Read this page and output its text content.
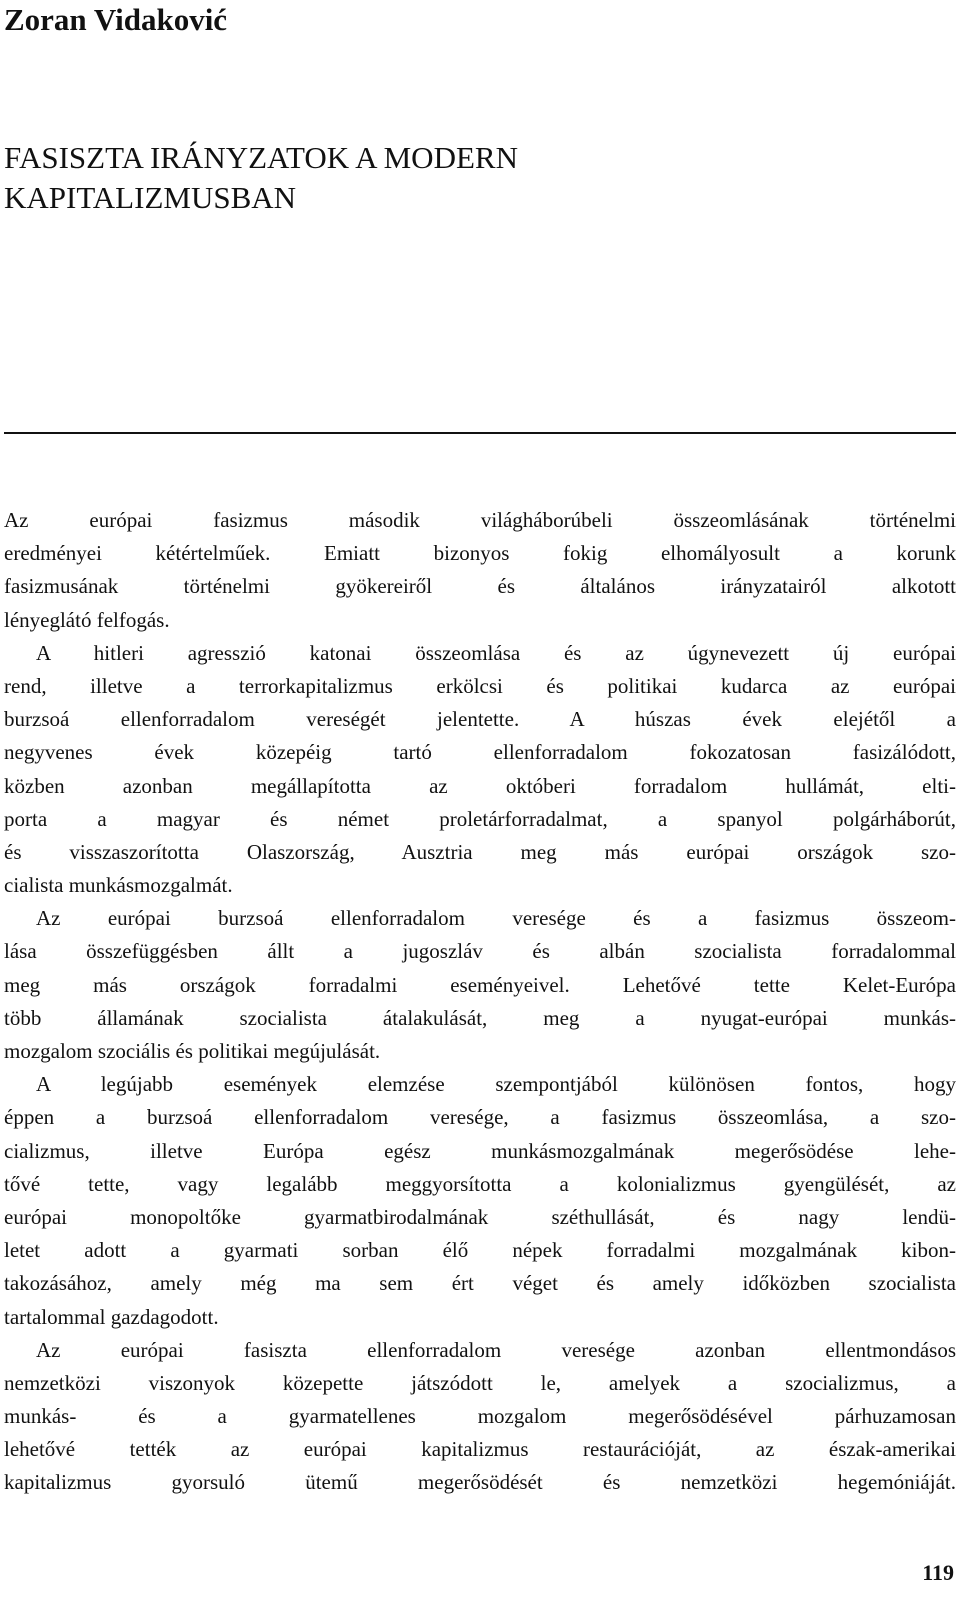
Zoran Vidaković
FASISZTA IRÁNYZATOK A MODERN
KAPITALIZMUSBAN
Az európai fasizmus második világháborúbeli összeomlásának történelmi
eredményei kétértelműek. Emiatt bizonyos fokig elhomályosult a korunk
fasizmusának történelmi gyökereiről és általános irányzatairól alkotott
lényeglátó felfogás.
A hitleri agresszió katonai összeomlása és az úgynevezett új európai
rend, illetve a terrorkapitalizmus erkölcsi és politikai kudarca az európai
burzsoá ellenforradalom vereségét jelentette. A húszas évek elejétől a
negyvenes évek közepéig tartó ellenforradalom fokozatosan fasizálódott,
közben azonban megállapította az októberi forradalom hullámát, elti-
porta a magyar és német proletárforradalmat, a spanyol polgárháborút,
és visszaszorította Olaszország, Ausztria meg más európai országok szo-
cialista munkásmozgalmát.
Az európai burzsoá ellenforradalom veresége és a fasizmus összeom-
lása összefüggésben állt a jugoszláv és albán szocialista forradalommal
meg más országok forradalmi eseményeivel. Lehetővé tette Kelet-Európa
több államának szocialista átalakulását, meg a nyugat-európai munkás-
mozgalom szociális és politikai megújulását.
A legújabb események elemzése szempontjából különösen fontos, hogy
éppen a burzsoá ellenforradalom veresége, a fasizmus összeomlása, a szo-
cializmus, illetve Európa egész munkásmozgalmának megerősödése lehe-
tővé tette, vagy legalább meggyorsította a kolonializmus gyengülését, az
európai monopoltőke gyarmatbirodalmának széthullását, és nagy lendü-
letet adott a gyarmati sorban élő népek forradalmi mozgalmának kibon-
takozásához, amely még ma sem ért véget és amely időközben szocialista
tartalommal gazdagodott.
Az európai fasiszta ellenforradalom veresége azonban ellentmondásos
nemzetközi viszonyok közepette játszódott le, amelyek a szocializmus, a
munkás- és a gyarmatellenes mozgalom megerősödésével párhuzamosan
lehetővé tették az európai kapitalizmus restaurációját, az észak-amerikai
kapitalizmus gyorsuló ütemű megerősödését és nemzetközi hegemóniáját.
119
